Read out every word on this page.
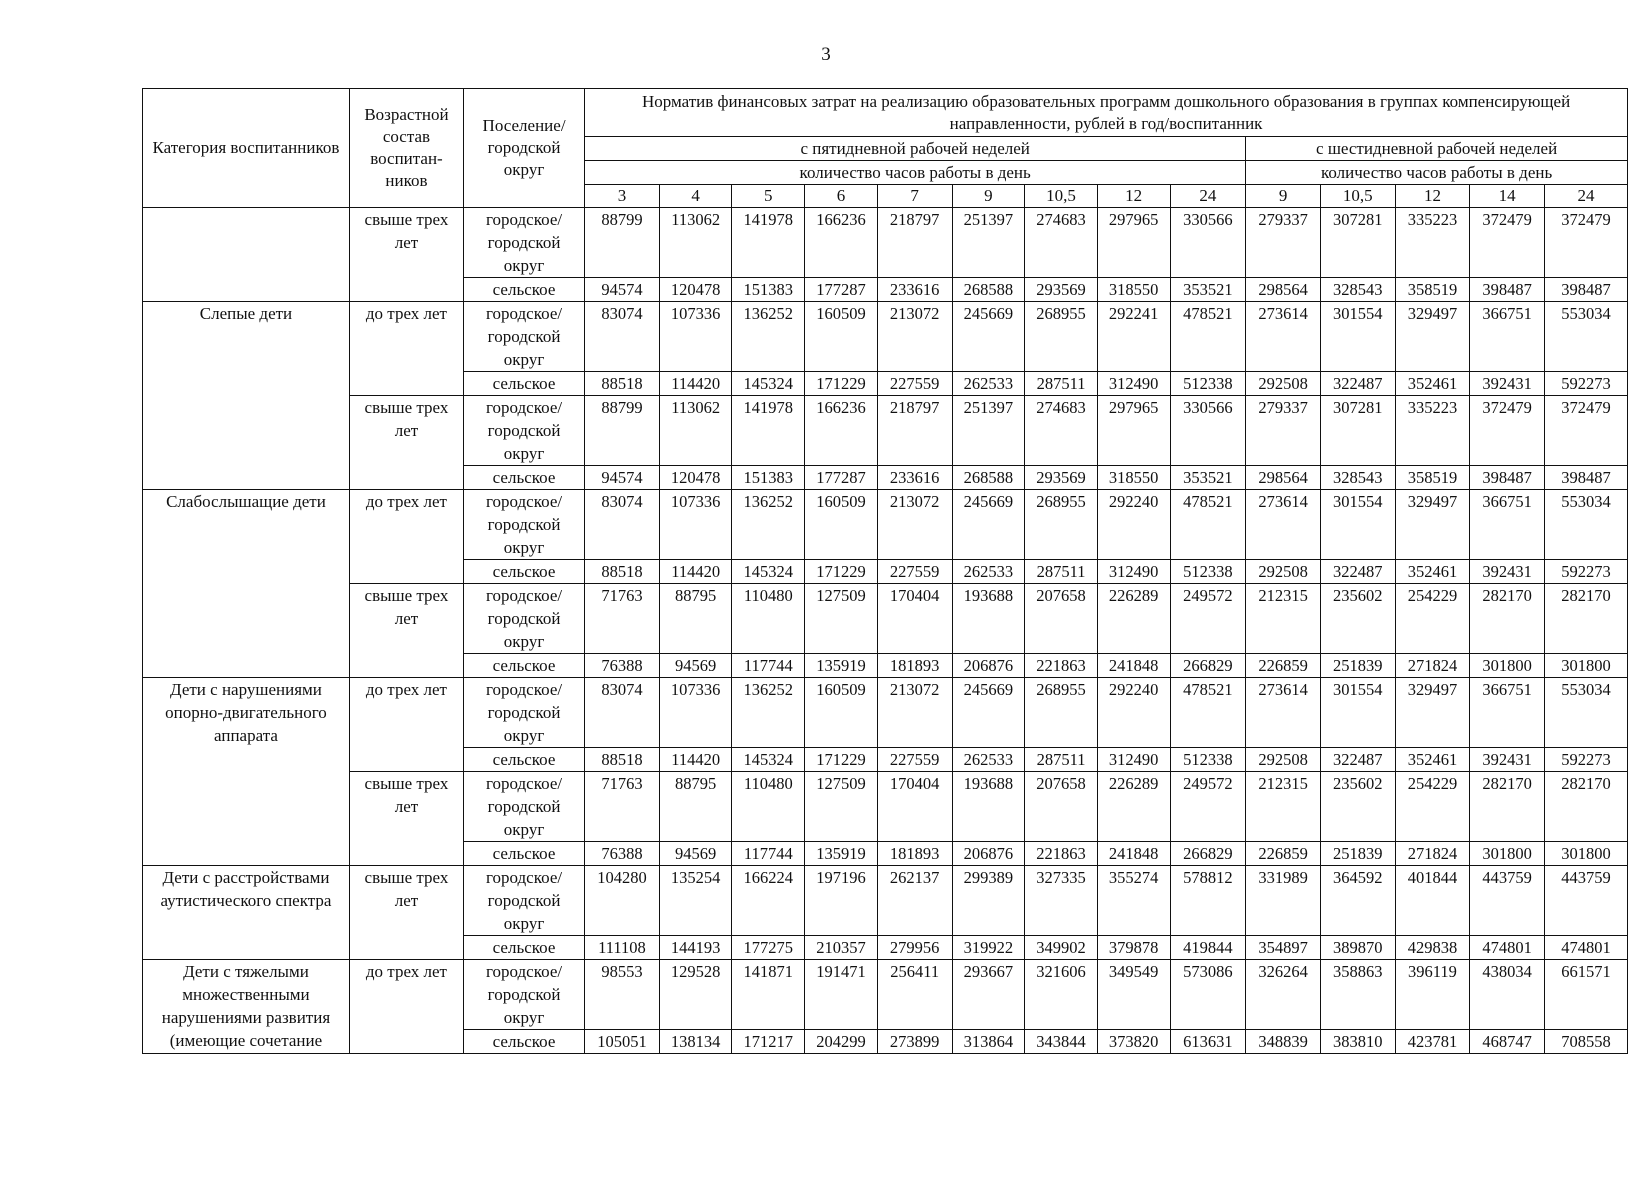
3
Категория воспитанников	Возрастной состав воспитан-ников	Поселение/ городской округ	Норматив финансовых затрат на реализацию образовательных программ дошкольного образования в группах компенсирующей направленности, рублей в год/воспитанник													
			с пятидневной рабочей неделей									с шестидневной рабочей неделей				
			количество часов работы в день									количество часов работы в день				
			3	4	5	6	7	9	10,5	12	24	9	10,5	12	14	24
	свыше трех лет	городское/ городской округ	88799	113062	141978	166236	218797	251397	274683	297965	330566	279337	307281	335223	372479	372479
		сельское	94574	120478	151383	177287	233616	268588	293569	318550	353521	298564	328543	358519	398487	398487
Слепые дети	до трех лет	городское/ городской округ	83074	107336	136252	160509	213072	245669	268955	292241	478521	273614	301554	329497	366751	553034
		сельское	88518	114420	145324	171229	227559	262533	287511	312490	512338	292508	322487	352461	392431	592273
	свыше трех лет	городское/ городской округ	88799	113062	141978	166236	218797	251397	274683	297965	330566	279337	307281	335223	372479	372479
		сельское	94574	120478	151383	177287	233616	268588	293569	318550	353521	298564	328543	358519	398487	398487
Слабослышащие дети	до трех лет	городское/ городской округ	83074	107336	136252	160509	213072	245669	268955	292240	478521	273614	301554	329497	366751	553034
		сельское	88518	114420	145324	171229	227559	262533	287511	312490	512338	292508	322487	352461	392431	592273
	свыше трех лет	городское/ городской округ	71763	88795	110480	127509	170404	193688	207658	226289	249572	212315	235602	254229	282170	282170
		сельское	76388	94569	117744	135919	181893	206876	221863	241848	266829	226859	251839	271824	301800	301800
Дети с нарушениями опорно-двигательного аппарата	до трех лет	городское/ городской округ	83074	107336	136252	160509	213072	245669	268955	292240	478521	273614	301554	329497	366751	553034
		сельское	88518	114420	145324	171229	227559	262533	287511	312490	512338	292508	322487	352461	392431	592273
	свыше трех лет	городское/ городской округ	71763	88795	110480	127509	170404	193688	207658	226289	249572	212315	235602	254229	282170	282170
		сельское	76388	94569	117744	135919	181893	206876	221863	241848	266829	226859	251839	271824	301800	301800
Дети с расстройствами аутистического спектра	свыше трех лет	городское/ городской округ	104280	135254	166224	197196	262137	299389	327335	355274	578812	331989	364592	401844	443759	443759
		сельское	111108	144193	177275	210357	279956	319922	349902	379878	419844	354897	389870	429838	474801	474801
Дети с тяжелыми множественными нарушениями развития (имеющие сочетание	до трех лет	городское/ городской округ	98553	129528	141871	191471	256411	293667	321606	349549	573086	326264	358863	396119	438034	661571
		сельское	105051	138134	171217	204299	273899	313864	343844	373820	613631	348839	383810	423781	468747	708558
